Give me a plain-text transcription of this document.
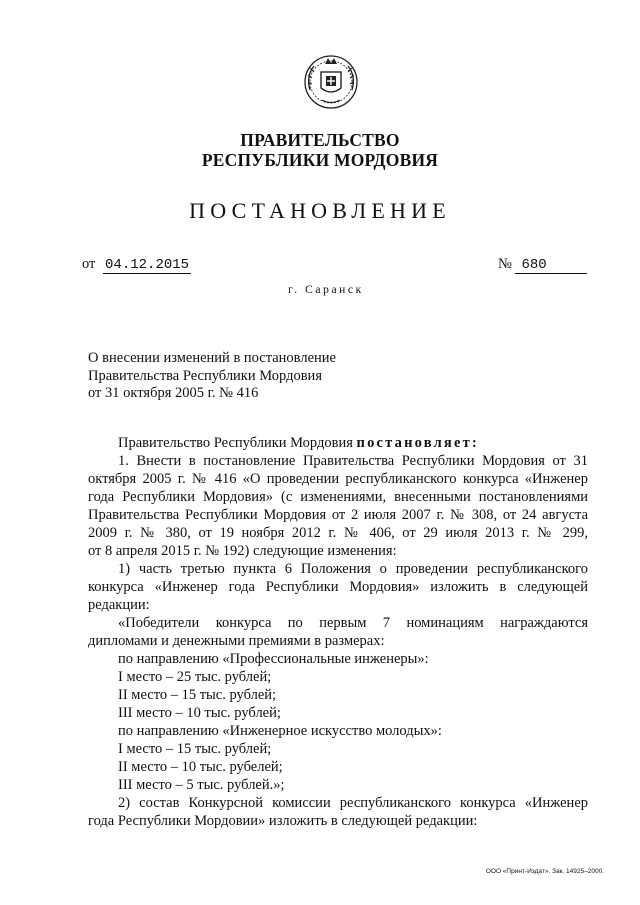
ПРАВИТЕЛЬСТВО
РЕСПУБЛИКИ МОРДОВИЯ
ПОСТАНОВЛЕНИЕ
от 04.12.2015	№ 680
г. Саранск
О внесении изменений в постановление
Правительства Республики Мордовия
от 31 октября 2005 г. № 416

Правительство Республики Мордовия постановляет:

1. Внести в постановление Правительства Республики Мордовия от 31

октября 2005 г. № 416 «О проведении республиканского конкурса «Инженер

года Республики Мордовия» (с изменениями, внесенными постановлениями

Правительства Республики Мордовия от 2 июля 2007 г. № 308, от 24 августа

2009 г. № 380, от 19 ноября 2012 г. № 406, от 29 июля 2013 г. № 299,

от 8 апреля 2015 г. № 192) следующие изменения:

1) часть третью пункта 6 Положения о проведении республиканского

конкурса «Инженер года Республики Мордовия» изложить в следующей

редакции:

«Победители конкурса по первым 7 номинациям награждаются

дипломами и денежными премиями в размерах:

по направлению «Профессиональные инженеры»:

I место – 25 тыс. рублей;

II место – 15 тыс. рублей;

III место – 10 тыс. рублей;

по направлению «Инженерное искусство молодых»:

I место – 15 тыс. рублей;

II место – 10 тыс. рубелей;

III место – 5 тыс. рублей.»;

2) состав Конкурсной комиссии республиканского конкурса «Инженер

года Республики Мордовии» изложить в следующей редакции:

ООО «Принт-Издат». Зак. 14925–2000.
